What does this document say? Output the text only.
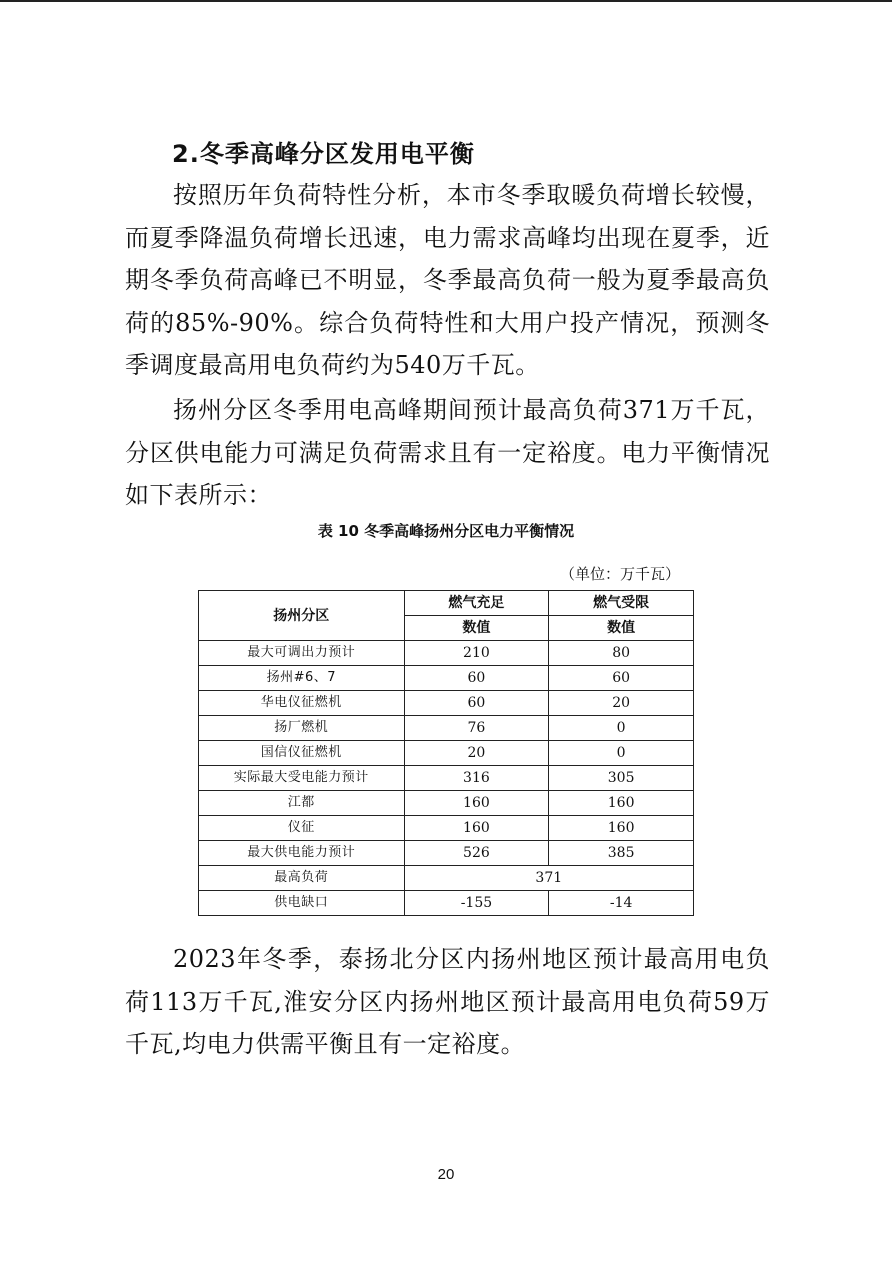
2.冬季高峰分区发用电平衡

按照历年负荷特性分析，本市冬季取暖负荷增长较慢，而夏季降温负荷增长迅速，电力需求高峰均出现在夏季，近期冬季负荷高峰已不明显，冬季最高负荷一般为夏季最高负荷的85%-90%。综合负荷特性和大用户投产情况，预测冬季调度最高用电负荷约为540万千瓦。

扬州分区冬季用电高峰期间预计最高负荷371万千瓦，分区供电能力可满足负荷需求且有一定裕度。电力平衡情况如下表所示：

表 10 冬季高峰扬州分区电力平衡情况
（单位：万千瓦）
扬州分区	燃气充足	燃气受限
	数值	数值
最大可调出力预计	210	80
扬州#6、7	60	60
华电仪征燃机	60	20
扬厂燃机	76	0
国信仪征燃机	20	0
实际最大受电能力预计	316	305
江都	160	160
仪征	160	160
最大供电能力预计	526	385
最高负荷	371	
供电缺口	-155	-14

2023年冬季，泰扬北分区内扬州地区预计最高用电负荷113万千瓦,淮安分区内扬州地区预计最高用电负荷59万千瓦,均电力供需平衡且有一定裕度。

20
